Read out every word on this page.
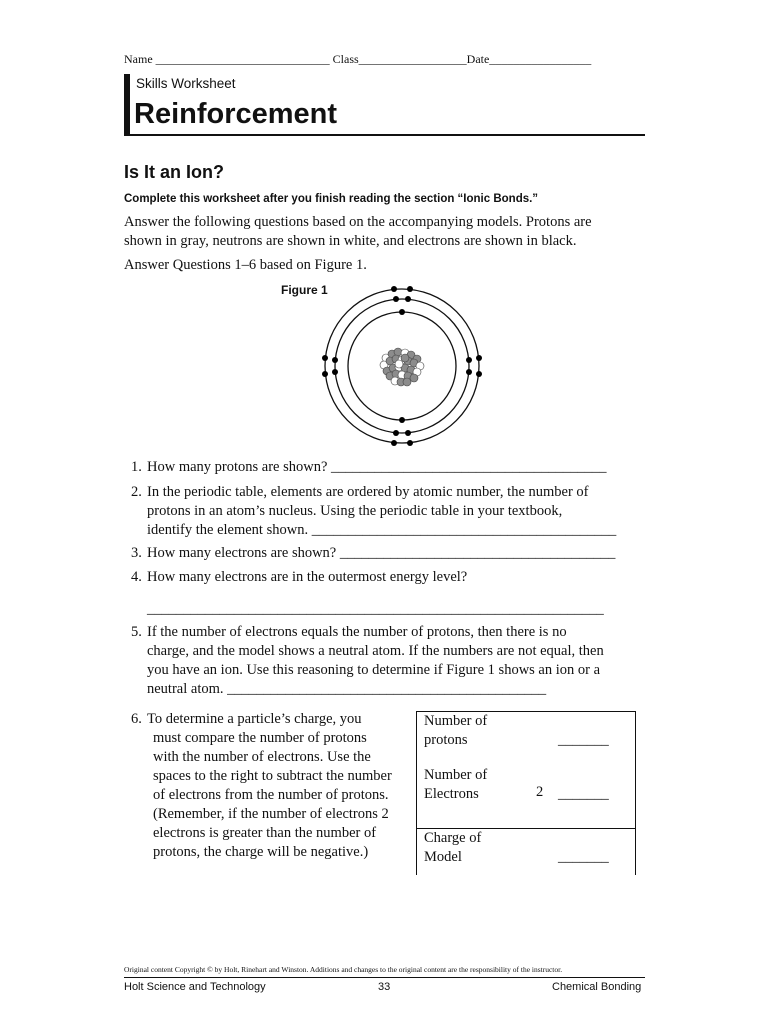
Name _____________________________ Class__________________Date_________________
Skills Worksheet
Reinforcement
Is It an Ion?
Complete this worksheet after you finish reading the section “Ionic Bonds.”
Answer the following questions based on the accompanying models. Protons are
shown in gray, neutrons are shown in white, and electrons are shown in black.
Answer Questions 1–6 based on Figure 1.
Figure 1
1. How many protons are shown? ______________________________________
2. In the periodic table, elements are ordered by atomic number, the number of
protons in an atom’s nucleus. Using the periodic table in your textbook,
identify the element shown. __________________________________________
3. How many electrons are shown? ______________________________________
4. How many electrons are in the outermost energy level?
_______________________________________________________________
5. If the number of electrons equals the number of protons, then there is no
charge, and the model shows a neutral atom. If the numbers are not equal, then
you have an ion. Use this reasoning to determine if Figure 1 shows an ion or a
neutral atom. ____________________________________________
6. To determine a particle’s charge, you
must compare the number of protons
with the number of electrons. Use the
spaces to the right to subtract the number
of electrons from the number of protons.
(Remember, if the number of electrons 2
electrons is greater than the number of
protons, the charge will be negative.)
Number of
protons	_______
Number of
Electrons	2 _______
Charge of
Model	_______
Original content Copyright © by Holt, Rinehart and Winston. Additions and changes to the original content are the responsibility of the instructor.
Holt Science and Technology	33	Chemical Bonding
